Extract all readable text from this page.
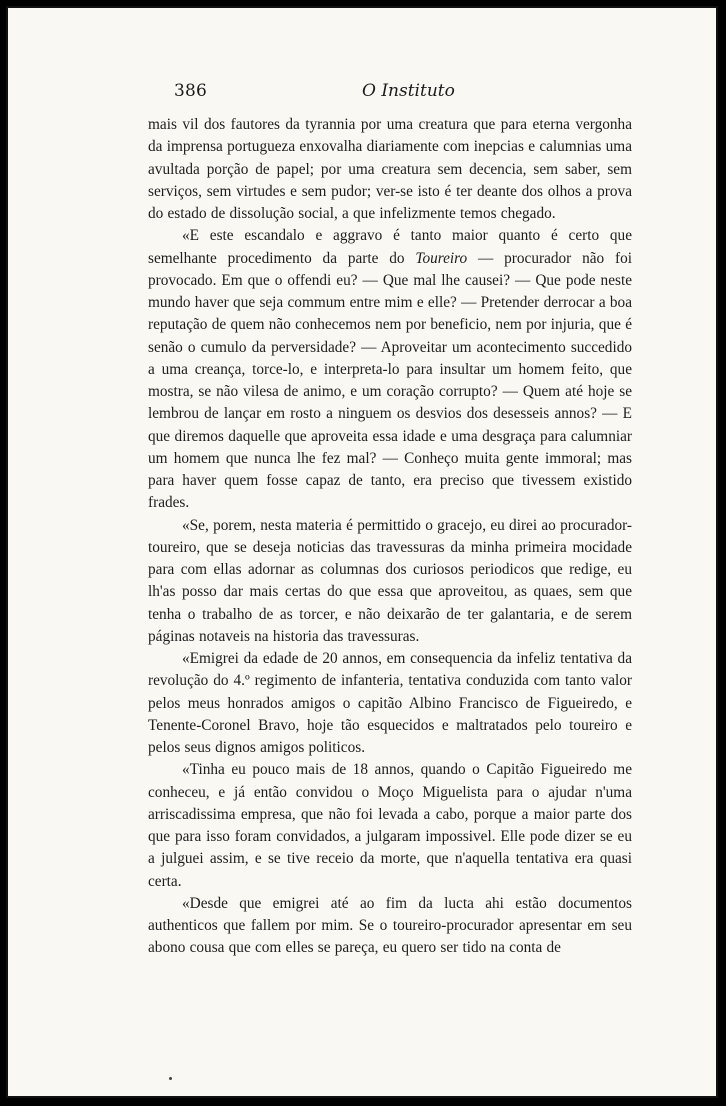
386	O Instituto

mais vil dos fautores da tyrannia por uma creatura que para eterna vergonha da imprensa portugueza enxovalha diariamente com inepcias e calumnias uma avultada porção de papel; por uma creatura sem decencia, sem saber, sem serviços, sem virtudes e sem pudor; ver-se isto é ter deante dos olhos a prova do estado de dissolução social, a que infelizmente temos chegado.

«E este escandalo e aggravo é tanto maior quanto é certo que semelhante procedimento da parte do Toureiro — procurador não foi provocado. Em que o offendi eu? — Que mal lhe causei? — Que pode neste mundo haver que seja commum entre mim e elle? — Pretender derrocar a boa reputação de quem não conhecemos nem por beneficio, nem por injuria, que é senão o cumulo da perversidade? — Aproveitar um acontecimento succedido a uma creança, torce-lo, e interpreta-lo para insultar um homem feito, que mostra, se não vilesa de animo, e um coração corrupto? — Quem até hoje se lembrou de lançar em rosto a ninguem os desvios dos desesseis annos? — E que diremos daquelle que aproveita essa idade e uma desgraça para calumniar um homem que nunca lhe fez mal? — Conheço muita gente immoral; mas para haver quem fosse capaz de tanto, era preciso que tivessem existido frades.

«Se, porem, nesta materia é permittido o gracejo, eu direi ao procurador-toureiro, que se deseja noticias das travessuras da minha primeira mocidade para com ellas adornar as columnas dos curiosos periodicos que redige, eu lh'as posso dar mais certas do que essa que aproveitou, as quaes, sem que tenha o trabalho de as torcer, e não deixarão de ter galantaria, e de serem páginas notaveis na historia das travessuras.

«Emigrei da edade de 20 annos, em consequencia da infeliz tentativa da revolução do 4.º regimento de infanteria, tentativa conduzida com tanto valor pelos meus honrados amigos o capitão Albino Francisco de Figueiredo, e Tenente-Coronel Bravo, hoje tão esquecidos e maltratados pelo toureiro e pelos seus dignos amigos politicos.

«Tinha eu pouco mais de 18 annos, quando o Capitão Figueiredo me conheceu, e já então convidou o Moço Miguelista para o ajudar n'uma arriscadissima empresa, que não foi levada a cabo, porque a maior parte dos que para isso foram convidados, a julgaram impossivel. Elle pode dizer se eu a julguei assim, e se tive receio da morte, que n'aquella tentativa era quasi certa.

«Desde que emigrei até ao fim da lucta ahi estão documentos authenticos que fallem por mim. Se o toureiro-procurador apresentar em seu abono cousa que com elles se pareça, eu quero ser tido na conta de
